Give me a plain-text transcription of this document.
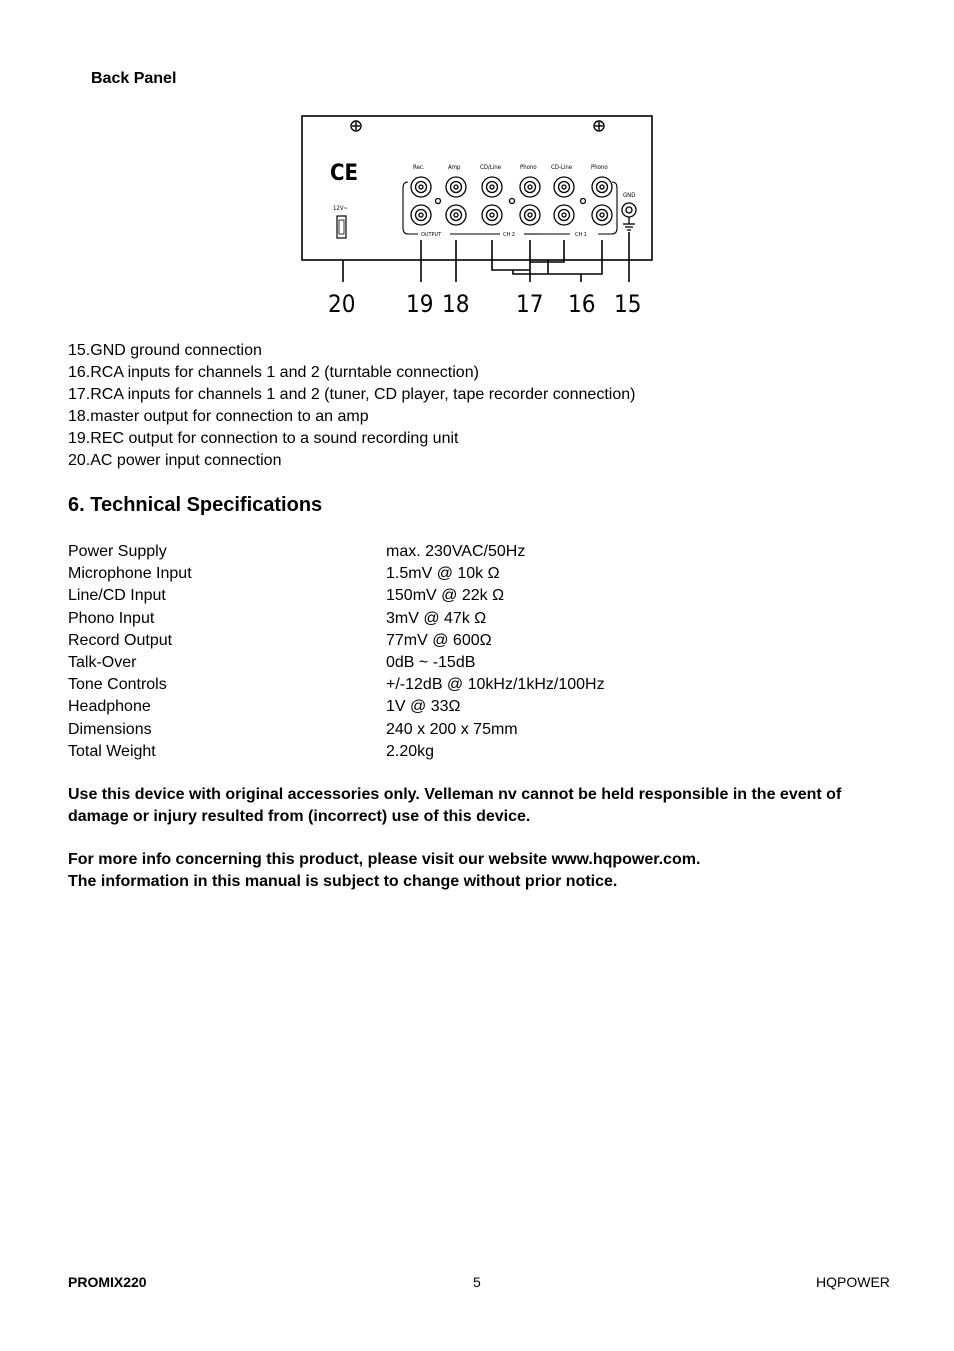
Back Panel
CE
12V~
Rec.	Amp	CD/Line	Phono CD-Line	Phono
GND
OUTPUT	CH 2	CH 1
20 19 18 17 16 15
15.GND ground connection
16.RCA inputs for channels 1 and 2 (turntable connection)
17.RCA inputs for channels 1 and 2 (tuner, CD player, tape recorder connection)
18.master output for connection to an amp
19.REC output for connection to a sound recording unit
20.AC power input connection
6. Technical Specifications
Power Supply	max. 230VAC/50Hz
Microphone Input	1.5mV @ 10k Ω
Line/CD Input	150mV @ 22k Ω
Phono Input	3mV @ 47k Ω
Record Output	77mV @ 600Ω
Talk-Over	0dB ~ -15dB
Tone Controls	+/-12dB @ 10kHz/1kHz/100Hz
Headphone	1V @ 33Ω
Dimensions	240 x 200 x 75mm
Total Weight	2.20kg
Use this device with original accessories only. Velleman nv cannot be held responsible in the event of
damage or injury resulted from (incorrect) use of this device.
For more info concerning this product, please visit our website www.hqpower.com.
The information in this manual is subject to change without prior notice.
PROMIX220	5	HQPOWER
